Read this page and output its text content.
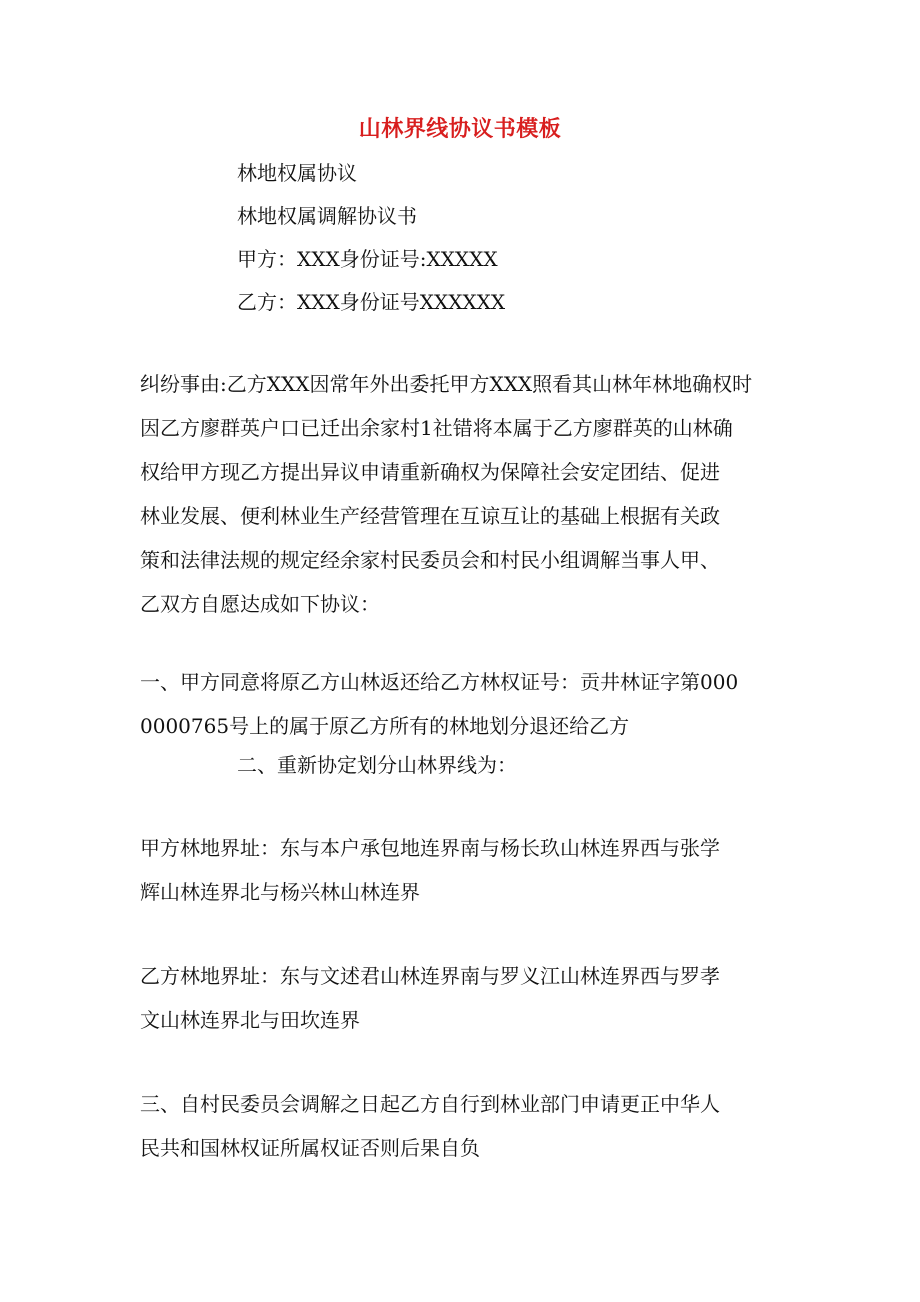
山林界线协议书模板
林地权属协议
林地权属调解协议书
甲方：XXX身份证号:XXXXX
乙方：XXX身份证号XXXXXX
纠纷事由:乙方XXX因常年外出委托甲方XXX照看其山林年林地确权时
因乙方廖群英户口已迁出余家村1社错将本属于乙方廖群英的山林确
权给甲方现乙方提出异议申请重新确权为保障社会安定团结、促进
林业发展、便利林业生产经营管理在互谅互让的基础上根据有关政
策和法律法规的规定经余家村民委员会和村民小组调解当事人甲、
乙双方自愿达成如下协议：
一、甲方同意将原乙方山林返还给乙方林权证号：贡井林证字第000
0000765号上的属于原乙方所有的林地划分退还给乙方
二、重新协定划分山林界线为：
甲方林地界址：东与本户承包地连界南与杨长玖山林连界西与张学
辉山林连界北与杨兴林山林连界
乙方林地界址：东与文述君山林连界南与罗义江山林连界西与罗孝
文山林连界北与田坎连界
三、自村民委员会调解之日起乙方自行到林业部门申请更正中华人
民共和国林权证所属权证否则后果自负
